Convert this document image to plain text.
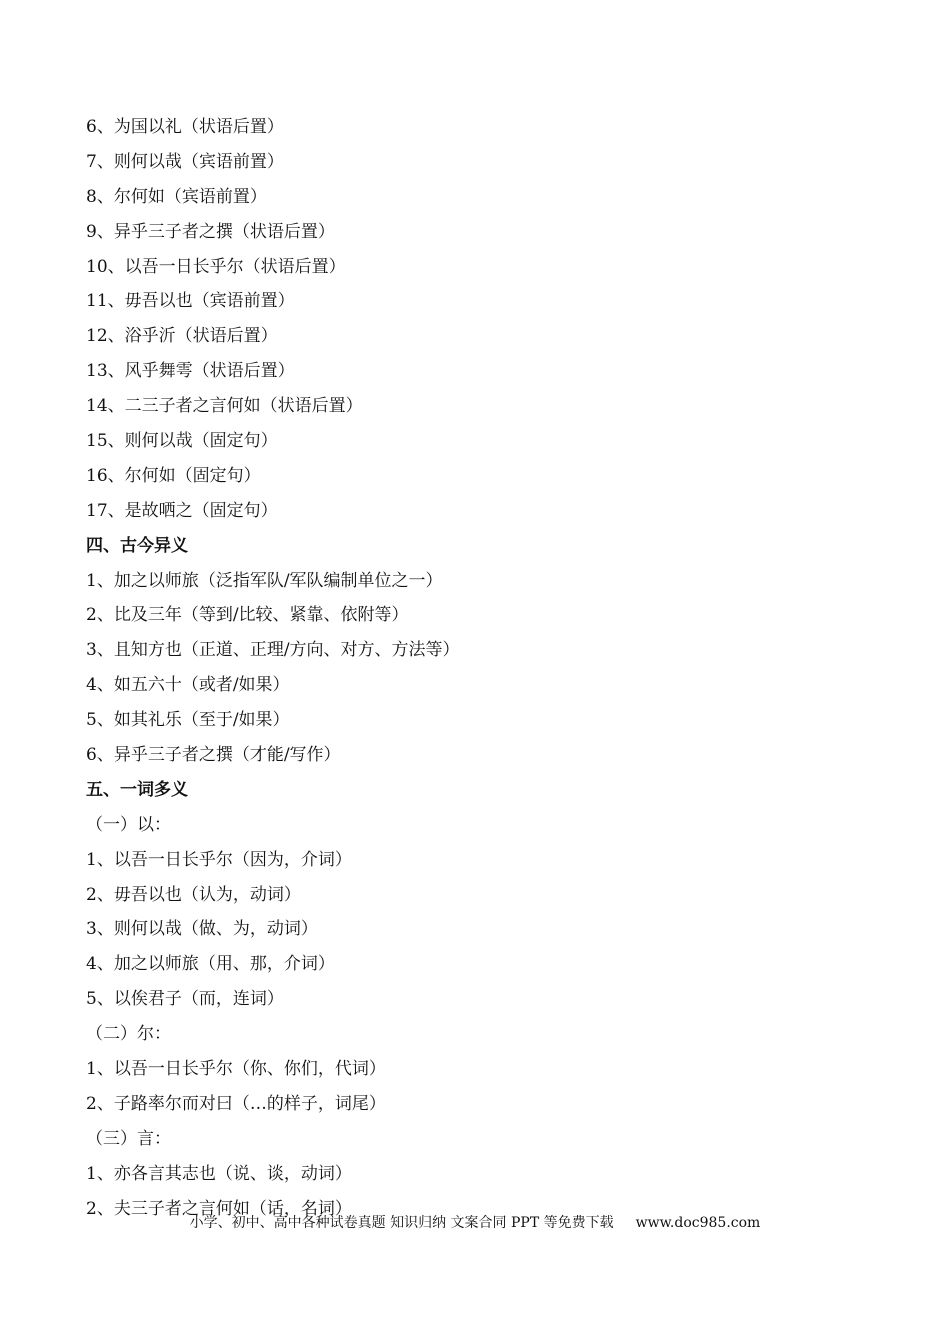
6、为国以礼（状语后置）
7、则何以哉（宾语前置）
8、尔何如（宾语前置）
9、异乎三子者之撰（状语后置）
10、以吾一日长乎尔（状语后置）
11、毋吾以也（宾语前置）
12、浴乎沂（状语后置）
13、风乎舞雩（状语后置）
14、二三子者之言何如（状语后置）
15、则何以哉（固定句）
16、尔何如（固定句）
17、是故哂之（固定句）
四、古今异义
1、加之以师旅（泛指军队/军队编制单位之一）
2、比及三年（等到/比较、紧靠、依附等）
3、且知方也（正道、正理/方向、对方、方法等）
4、如五六十（或者/如果）
5、如其礼乐（至于/如果）
6、异乎三子者之撰（才能/写作）
五、一词多义
（一）以：
1、以吾一日长乎尔（因为，介词）
2、毋吾以也（认为，动词）
3、则何以哉（做、为，动词）
4、加之以师旅（用、那，介词）
5、以俟君子（而，连词）
（二）尔：
1、以吾一日长乎尔（你、你们，代词）
2、子路率尔而对曰（…的样子，词尾）
（三）言：
1、亦各言其志也（说、谈，动词）
2、夫三子者之言何如（话，名词）
小学、初中、高中各种试卷真题 知识归纳 文案合同 PPT 等免费下载 www.doc985.com
